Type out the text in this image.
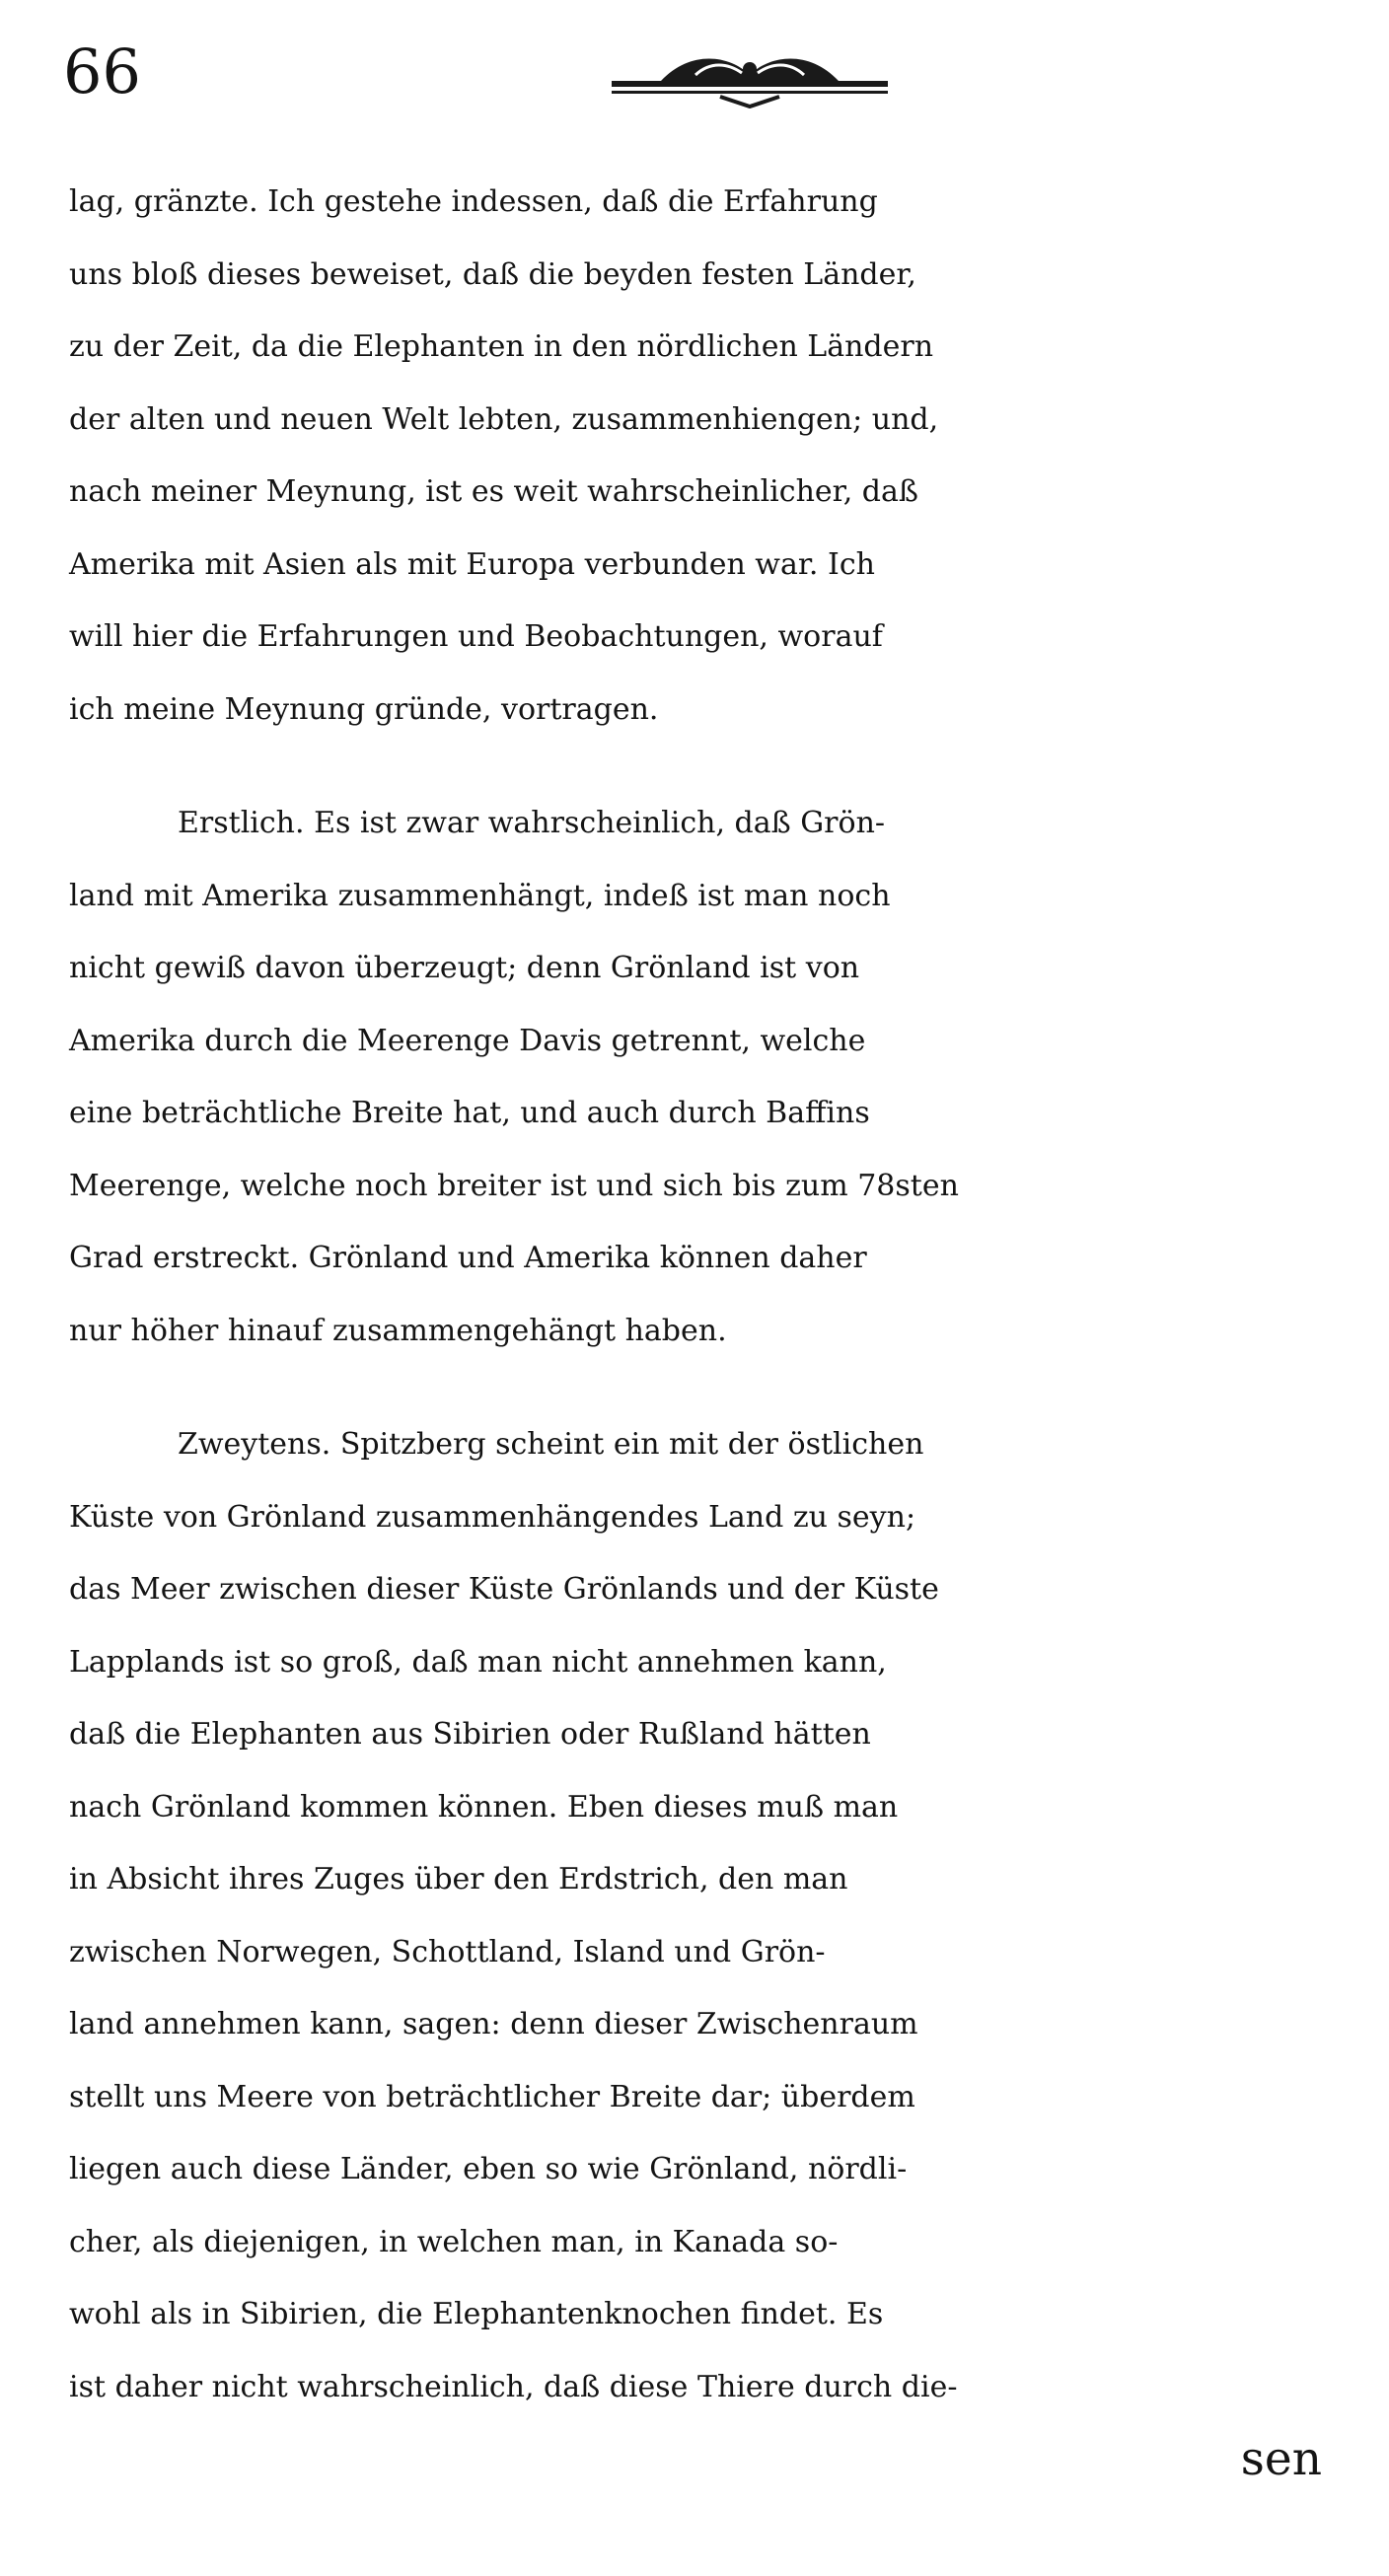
66
lag, gränzte. Ich gestehe indessen, daß die Erfahrung
uns bloß dieses beweiset, daß die beyden festen Länder,
zu der Zeit, da die Elephanten in den nördlichen Ländern
der alten und neuen Welt lebten, zusammenhiengen; und,
nach meiner Meynung, ist es weit wahrscheinlicher, daß
Amerika mit Asien als mit Europa verbunden war. Ich
will hier die Erfahrungen und Beobachtungen, worauf
ich meine Meynung gründe, vortragen.
Erstlich. Es ist zwar wahrscheinlich, daß Grön-
land mit Amerika zusammenhängt, indeß ist man noch
nicht gewiß davon überzeugt; denn Grönland ist von
Amerika durch die Meerenge Davis getrennt, welche
eine beträchtliche Breite hat, und auch durch Baffins
Meerenge, welche noch breiter ist und sich bis zum 78sten
Grad erstreckt. Grönland und Amerika können daher
nur höher hinauf zusammengehängt haben.
Zweytens. Spitzberg scheint ein mit der östlichen
Küste von Grönland zusammenhängendes Land zu seyn;
das Meer zwischen dieser Küste Grönlands und der Küste
Lapplands ist so groß, daß man nicht annehmen kann,
daß die Elephanten aus Sibirien oder Rußland hätten
nach Grönland kommen können. Eben dieses muß man
in Absicht ihres Zuges über den Erdstrich, den man
zwischen Norwegen, Schottland, Island und Grön-
land annehmen kann, sagen: denn dieser Zwischenraum
stellt uns Meere von beträchtlicher Breite dar; überdem
liegen auch diese Länder, eben so wie Grönland, nördli-
cher, als diejenigen, in welchen man, in Kanada so-
wohl als in Sibirien, die Elephantenknochen findet. Es
ist daher nicht wahrscheinlich, daß diese Thiere durch die-
sen
